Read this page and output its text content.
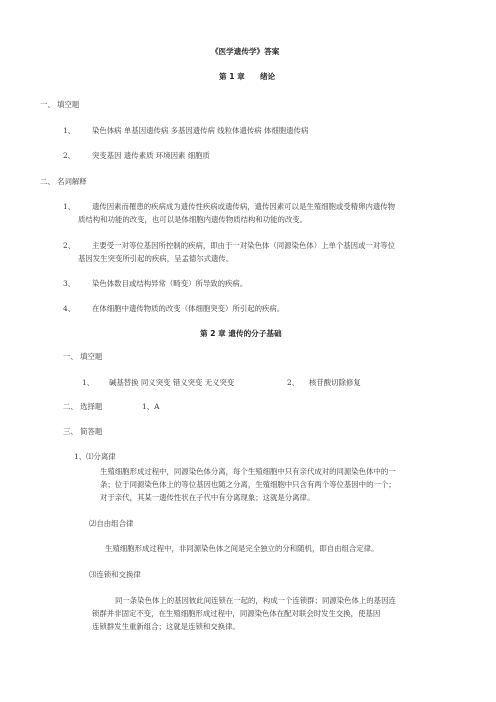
《医学遗传学》答案
第 1 章　　绪论
一、 填空题
1、 染色体病 单基因遗传病 多基因遗传病 线粒体遗传病 体细胞遗传病
2、 突变基因 遗传素质 环境因素 细胞质
二、 名词解释
1、 遗传因素而罹患的疾病成为遗传性疾病或遗传病，遗传因素可以是生殖细胞或受精卵内遗传物
质结构和功能的改变，也可以是体细胞内遗传物质结构和功能的改变。
2、 主要受一对等位基因所控制的疾病，即由于一对染色体（同源染色体）上单个基因或一对等位
基因发生突变所引起的疾病，呈孟德尔式遗传。
3、 染色体数目或结构异常（畸变）所导致的疾病。
4、 在体细胞中遗传物质的改变（体细胞突变）所引起的疾病。
第 2 章 遗传的分子基础
一、 填空题
1、 碱基替换 同义突变 错义突变 无义突变	2、 核苷酸切除修复
二、 选择题	1、A
三、 简答题
1、⑴分离律
生殖细胞形成过程中，同源染色体分离，每个生殖细胞中只有亲代成对的同源染色体中的一
条；位于同源染色体上的等位基因也随之分离，生殖细胞中只含有两个等位基因中的一个；
对于亲代，其某一遗传性状在子代中有分离现象；这就是分离律。
⑵自由组合律
生殖细胞形成过程中，非同源染色体之间是完全独立的分和随机，即自由组合定律。
⑶连锁和交换律
同一条染色体上的基因彼此间连锁在一起的，构成一个连锁群；同源染色体上的基因连
锁群并非固定不变，在生殖细胞形成过程中，同源染色体在配对联会时发生交换，使基因
连锁群发生重新组合；这就是连锁和交换律。
